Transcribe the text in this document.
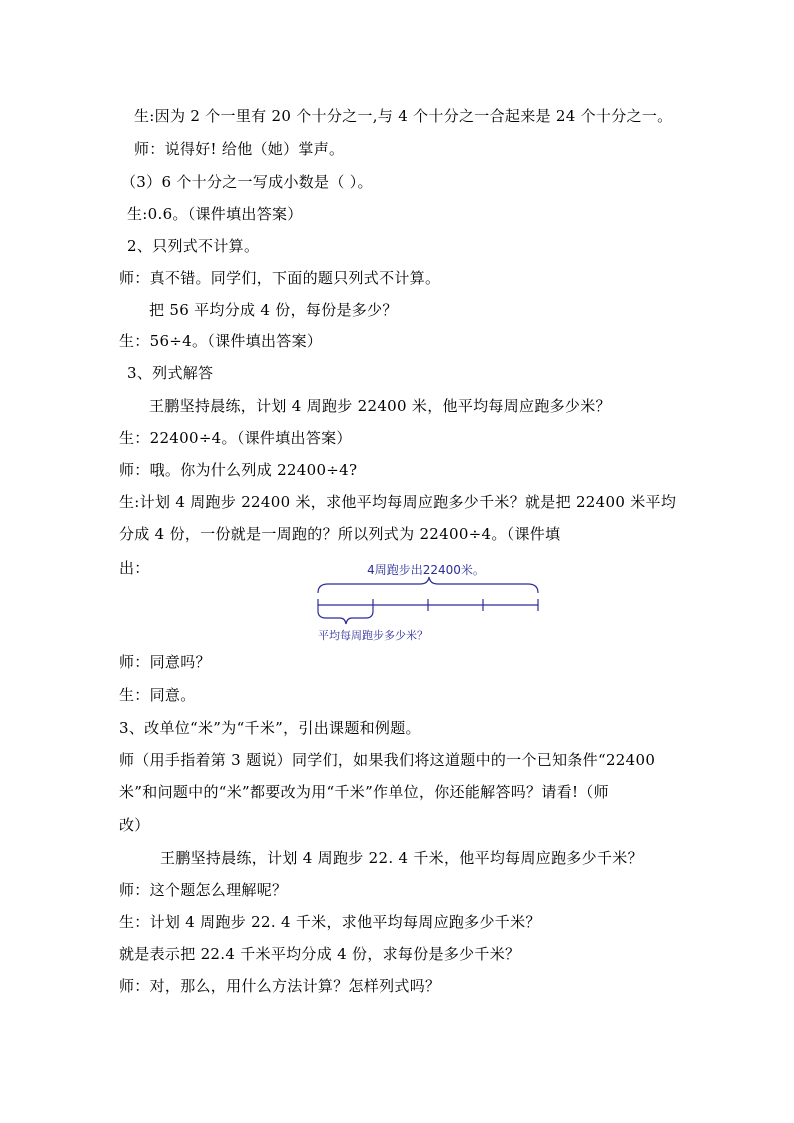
生:因为 2 个一里有 20 个十分之一,与 4 个十分之一合起来是 24 个十分之一。
师：说得好! 给他（她）掌声。
（3）6 个十分之一写成小数是（ ）。
生:0.6。（课件填出答案）
2、只列式不计算。
师：真不错。同学们，下面的题只列式不计算。
把 56 平均分成 4 份，每份是多少？
生：56÷4。（课件填出答案）
3、列式解答
王鹏坚持晨练，计划 4 周跑步 22400 米，他平均每周应跑多少米？
生：22400÷4。（课件填出答案）
师：哦。你为什么列成 22400÷4?
生:计划 4 周跑步 22400 米，求他平均每周应跑多少千米？就是把 22400 米平均
分成 4 份，一份就是一周跑的？所以列式为 22400÷4。（课件填
出：	4周跑步出22400米。
平均每周跑步多少米？
师：同意吗？
生：同意。
3、改单位“米”为“千米”，引出课题和例题。
师（用手指着第 3 题说）同学们，如果我们将这道题中的一个已知条件“22400
米”和问题中的“米”都要改为用“千米”作单位，你还能解答吗？请看!（师
改）
王鹏坚持晨练，计划 4 周跑步 22. 4 千米，他平均每周应跑多少千米？
师：这个题怎么理解呢？
生：计划 4 周跑步 22. 4 千米，求他平均每周应跑多少千米？
就是表示把 22.4 千米平均分成 4 份，求每份是多少千米？
师：对，那么，用什么方法计算？怎样列式吗？
